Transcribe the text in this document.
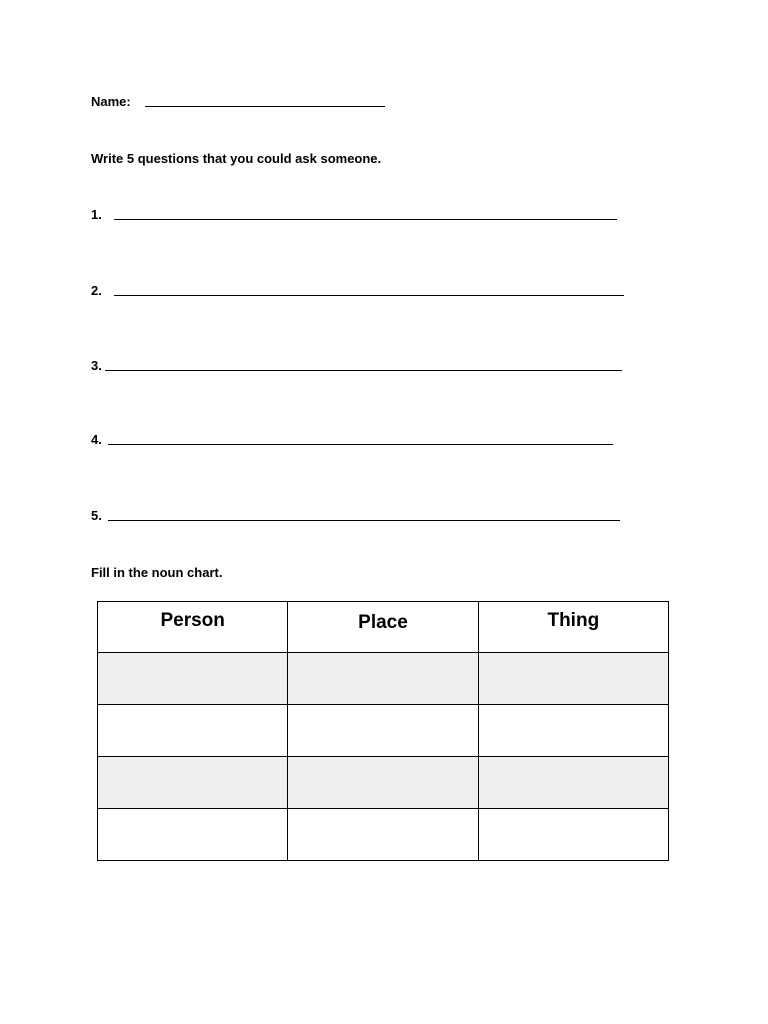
Name:
Write 5 questions that you could ask someone.
1.
2.
3.
4.
5.
Fill in the noun chart.
Person	Place	Thing
